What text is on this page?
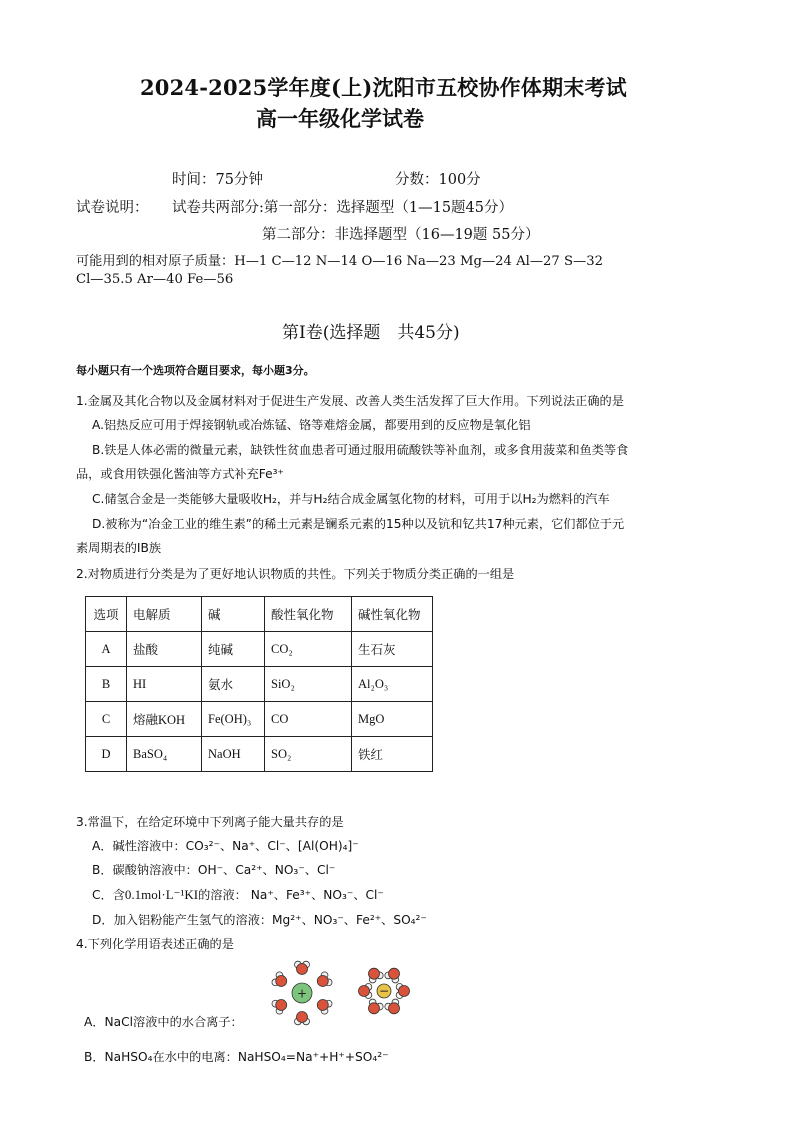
2024-2025学年度(上)沈阳市五校协作体期末考试
高一年级化学试卷
时间：75分钟	分数：100分
试卷说明： 试卷共两部分:第一部分：选择题型（1—15题45分）
第二部分：非选择题型（16—19题 55分）
可能用到的相对原子质量：H—1 C—12 N—14 O—16 Na—23 Mg—24 Al—27 S—32
Cl—35.5 Ar—40 Fe—56
第Ⅰ卷(选择题　共45分)
每小题只有一个选项符合题目要求，每小题3分。
1.金属及其化合物以及金属材料对于促进生产发展、改善人类生活发挥了巨大作用。下列说法正确的是
A.铝热反应可用于焊接钢轨或冶炼锰、铬等难熔金属，都要用到的反应物是氧化铝
B.铁是人体必需的微量元素，缺铁性贫血患者可通过服用硫酸铁等补血剂，或多食用菠菜和鱼类等食
品，或食用铁强化酱油等方式补充Fe³⁺
C.储氢合金是一类能够大量吸收H₂，并与H₂结合成金属氢化物的材料，可用于以H₂为燃料的汽车
D.被称为“冶金工业的维生素”的稀土元素是镧系元素的15种以及钪和钇共17种元素，它们都位于元
素周期表的IB族
2.对物质进行分类是为了更好地认识物质的共性。下列关于物质分类正确的一组是
选项	电解质	碱	酸性氧化物	碱性氧化物
A	盐酸	纯碱	CO₂	生石灰
B	HI	氨水	SiO₂	Al₂O₃
C	熔融KOH	Fe(OH)₃	CO	MgO
D	BaSO₄	NaOH	SO₂	铁红
3.常温下，在给定环境中下列离子能大量共存的是
A．碱性溶液中：CO₃²⁻、Na⁺、Cl⁻、[Al(OH)₄]⁻
B．碳酸钠溶液中：OH⁻、Ca²⁺、NO₃⁻、Cl⁻
C．含0.1mol·L⁻¹KI的溶液： Na⁺、Fe³⁺、NO₃⁻、Cl⁻
D．加入铝粉能产生氢气的溶液：Mg²⁺、NO₃⁻、Fe²⁺、SO₄²⁻
4.下列化学用语表述正确的是
A．NaCl溶液中的水合离子：
+	−
B．NaHSO₄在水中的电离：NaHSO₄=Na⁺+H⁺+SO₄²⁻
